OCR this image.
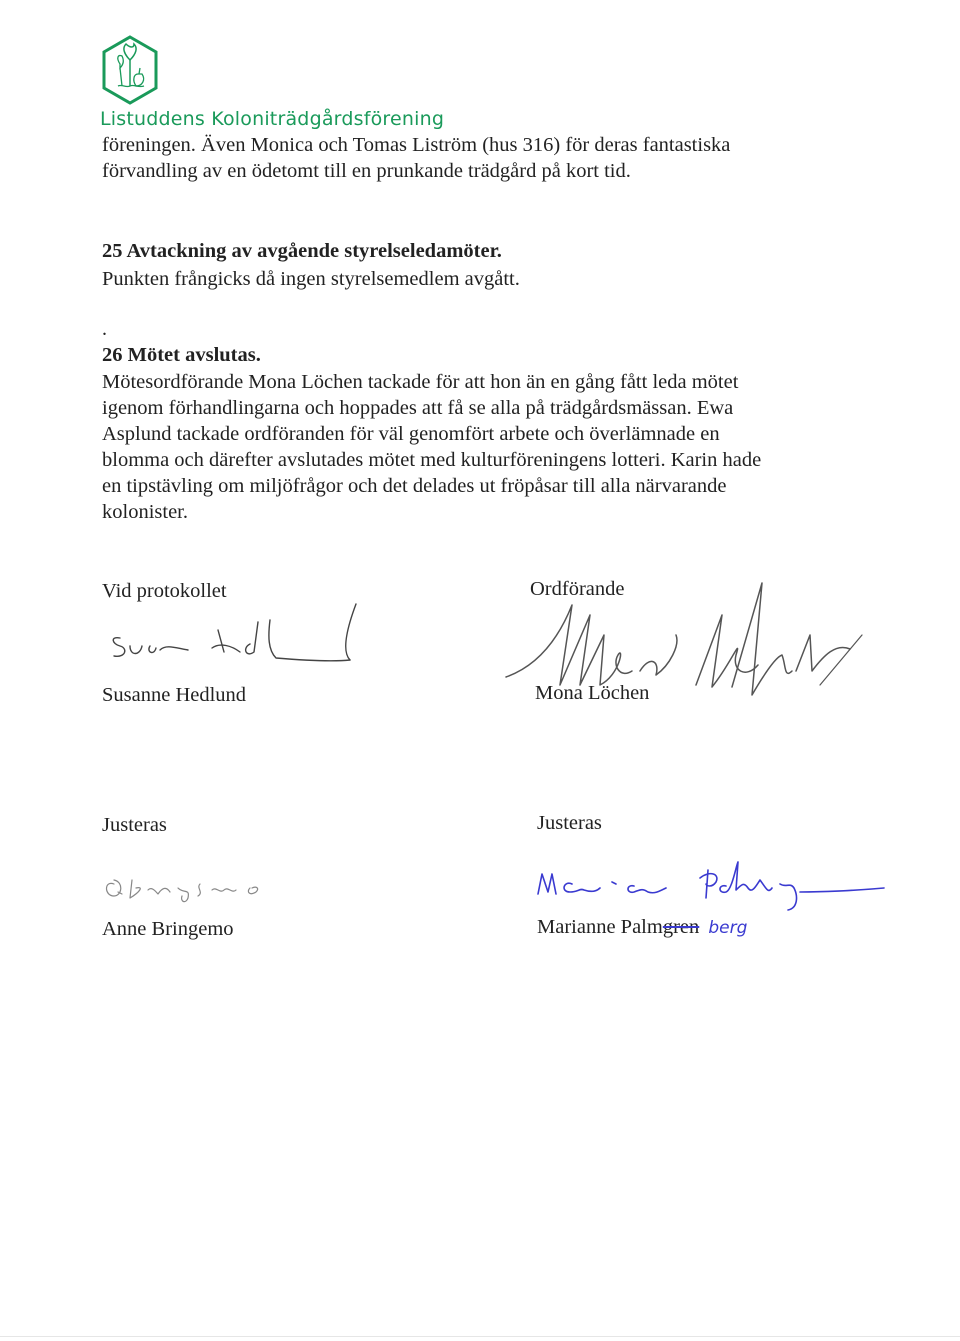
Listuddens Koloniträdgårdsförening

föreningen. Även Monica och Tomas Liström (hus 316) för deras fantastiska
förvandling av en ödetomt till en prunkande trädgård på kort tid.

25 Avtackning av avgående styrelseledamöter.

Punkten frångicks då ingen styrelsemedlem avgått.

.

26 Mötet avslutas.

Mötesordförande Mona Löchen tackade för att hon än en gång fått leda mötet
igenom förhandlingarna och hoppades att få se alla på trädgårdsmässan. Ewa
Asplund tackade ordföranden för väl genomfört arbete och överlämnade en
blomma och därefter avslutades mötet med kulturföreningens lotteri. Karin hade
en tipstävling om miljöfrågor och det delades ut fröpåsar till alla närvarande
kolonister.

Vid protokollet	Ordförande
Susanne Hedlund	Mona Löchen
Justeras	Justeras
Anne Bringemo	Marianne Palmgren berg
